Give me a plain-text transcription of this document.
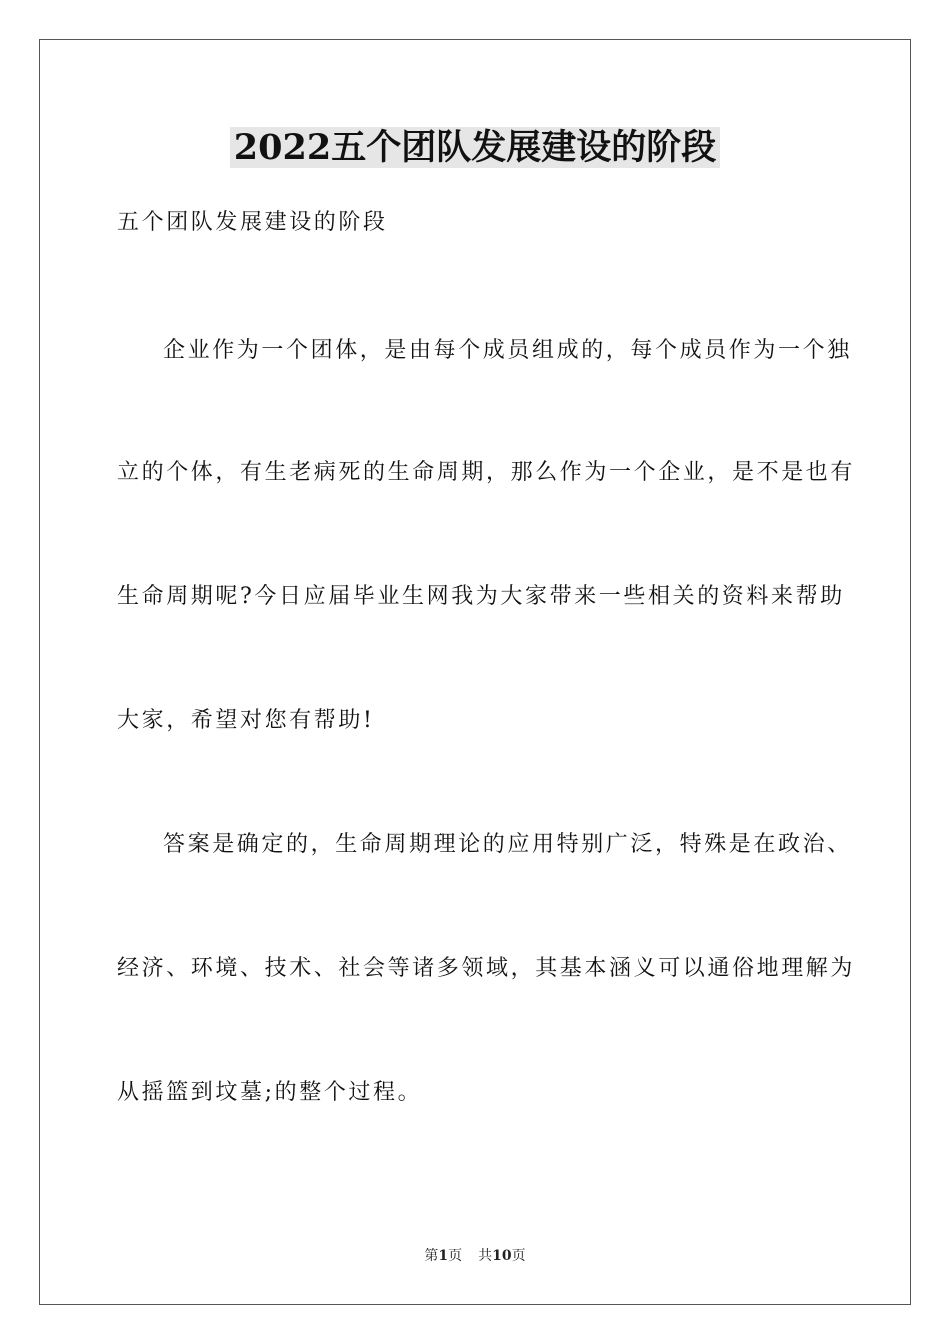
2022五个团队发展建设的阶段
五个团队发展建设的阶段
企业作为一个团体，是由每个成员组成的，每个成员作为一个独
立的个体，有生老病死的生命周期，那么作为一个企业，是不是也有
生命周期呢?今日应届毕业生网我为大家带来一些相关的资料来帮助
大家，希望对您有帮助!
答案是确定的，生命周期理论的应用特别广泛，特殊是在政治、
经济、环境、技术、社会等诸多领域，其基本涵义可以通俗地理解为
从摇篮到坟墓;的整个过程。
第1页 共10页
